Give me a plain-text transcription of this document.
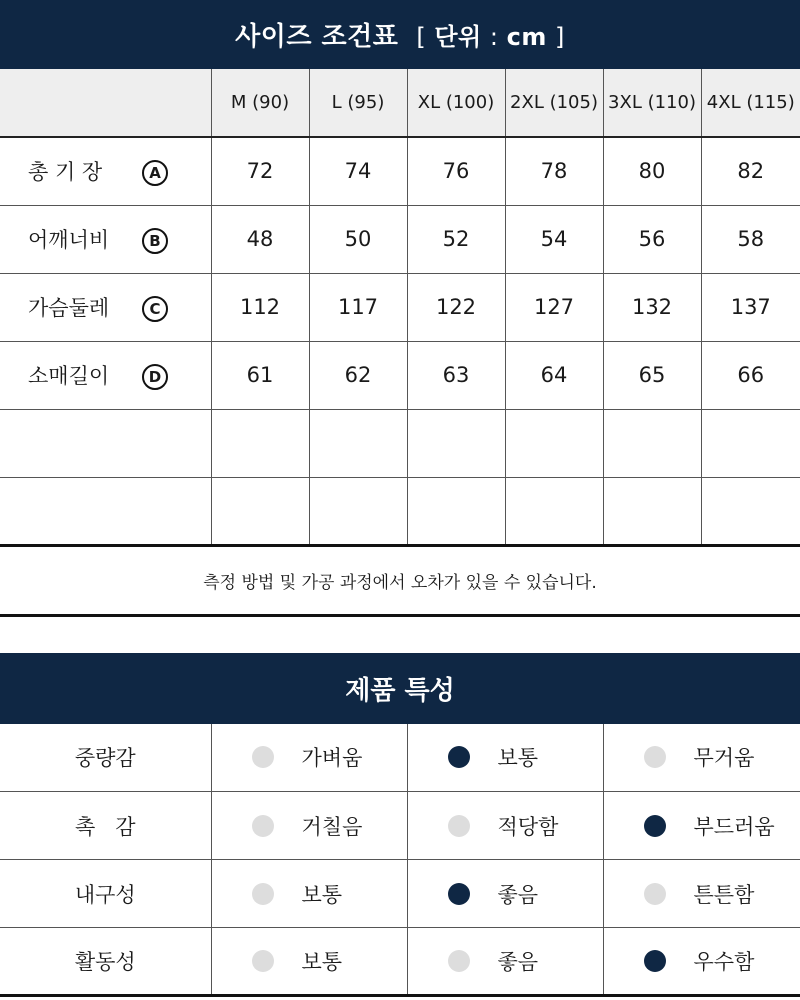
사이즈 조건표 [ 단위 : cm ]
	M (90)	L (95)	XL (100)	2XL (105)	3XL (110)	4XL (115)
총 기 장 A	72	74	76	78	80	82
어깨너비 B	48	50	52	54	56	58
가슴둘레 C	112	117	122	127	132	137
소매길이 D	61	62	63	64	65	66

측정 방법 및 가공 과정에서 오차가 있을 수 있습니다.
제품 특성
중량감	가벼움	보통	무거움

촉   감	거칠음	적당함	부드러움

내구성	보통	좋음	튼튼함

활동성	보통	좋음	우수함
